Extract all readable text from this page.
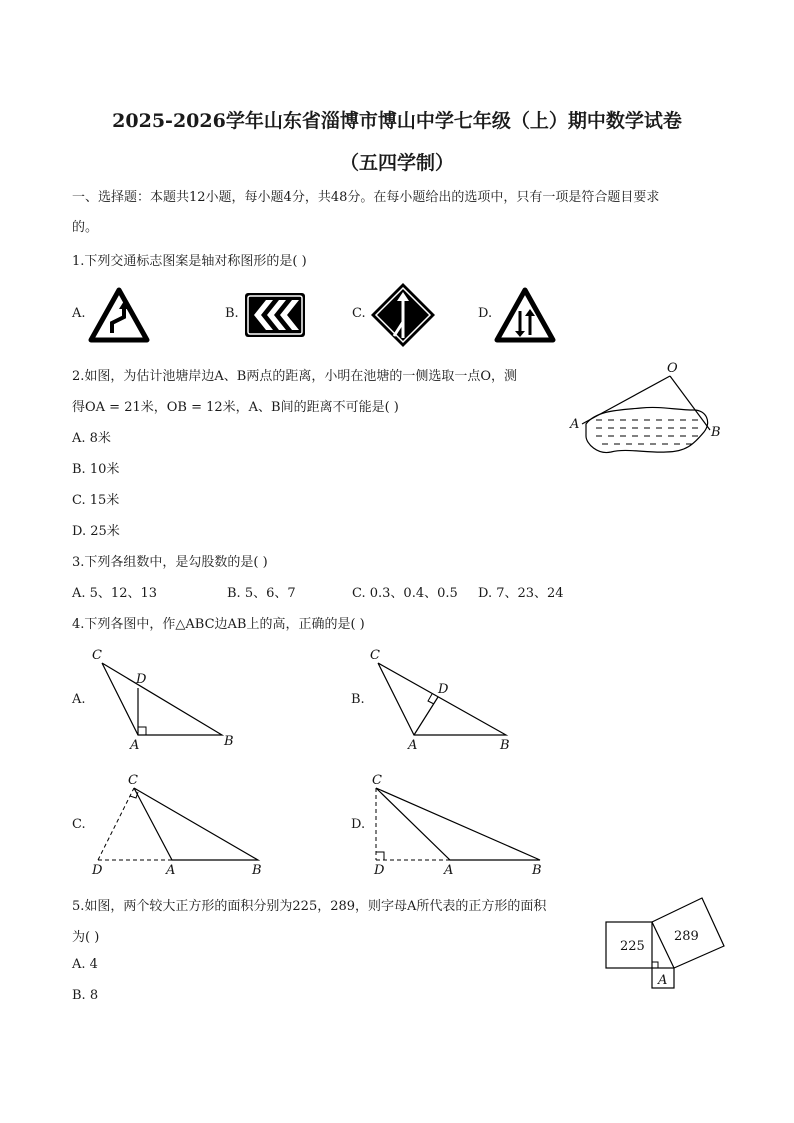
2025-2026学年山东省淄博市博山中学七年级（上）期中数学试卷
（五四学制）
一、选择题：本题共12小题，每小题4分，共48分。在每小题给出的选项中，只有一项是符合题目要求
的。
1.下列交通标志图案是轴对称图形的是( )
A.	B.	C.	D.
2.如图，为估计池塘岸边A、B两点的距离，小明在池塘的一侧选取一点O，测
得OA = 21米，OB = 12米，A、B间的距离不可能是( )
A. 8米
B. 10米
C. 15米
D. 25米
O
A
B
3.下列各组数中，是勾股数的是( )
A. 5、12、13	B. 5、6、7	C. 0.3、0.4、0.5 D. 7、23、24
4.下列各图中，作△ABC边AB上的高，正确的是( )
A.	B.
C.	D.
C
D
A	B
C
D
A	B
C
D	A	B
C
D	A	B
5.如图，两个较大正方形的面积分别为225，289，则字母A所代表的正方形的面积
为( )
A. 4
B. 8
225
289
A
